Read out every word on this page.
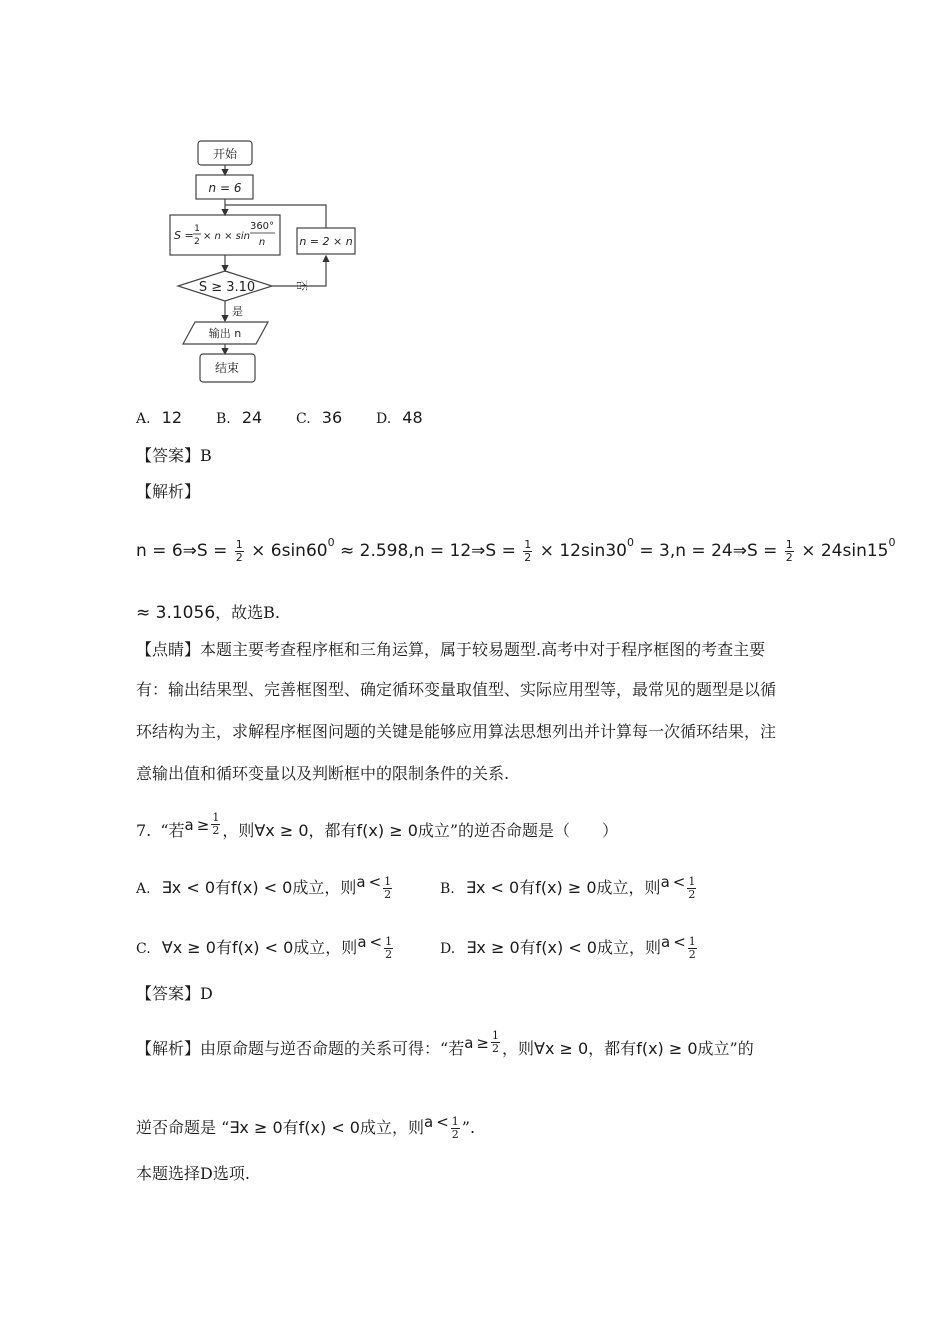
开始
n = 6
S = 1
2 × n × sin
360°
n	n = 2 × n
S ≥ 3.10	否
是
输出 n
结束
A. 12 B. 24 C. 36 D. 48
【答案】B
【解析】
n = 6⇒S = $\frac{1}{2} \times 6\sin 60^0 \approx 2.598,n$ = 12⇒S = $\frac{1}{2} \times 12\sin 30^0 = 3,n$ = 24⇒S = $\frac{1}{2} \times 24\sin 15^0$
≈ 3.1056，故选B.
【点睛】本题主要考查程序框和三角运算，属于较易题型.高考中对于程序框图的考查主要
有：输出结果型、完善框图型、确定循环变量取值型、实际应用型等，最常见的题型是以循
环结构为主，求解程序框图问题的关键是能够应用算法思想列出并计算每一次循环结果，注
意输出值和循环变量以及判断框中的限制条件的关系.
7. “若$a \ge \frac{1}{2}$ ，则∀x ≥ 0，都有f(x) ≥ 0成立”的逆否命题是（　　）
A. ∃x < 0有f(x) < 0成立，则$a < \frac{1}{2}$	B. ∃x < 0有f(x) ≥ 0成立，则$a < \frac{1}{2}$
C. ∀x ≥ 0有f(x) < 0成立，则$a < \frac{1}{2}$	D. ∃x ≥ 0有f(x) < 0成立，则$a < \frac{1}{2}$
【答案】D
【解析】由原命题与逆否命题的关系可得：“若$a \ge \frac{1}{2}$ ，则∀x ≥ 0，都有f(x) ≥ 0成立”的
逆否命题是 “∃x ≥ 0有f(x) < 0成立，则$a < \frac{1}{2}$ ”.
本题选择D选项.
